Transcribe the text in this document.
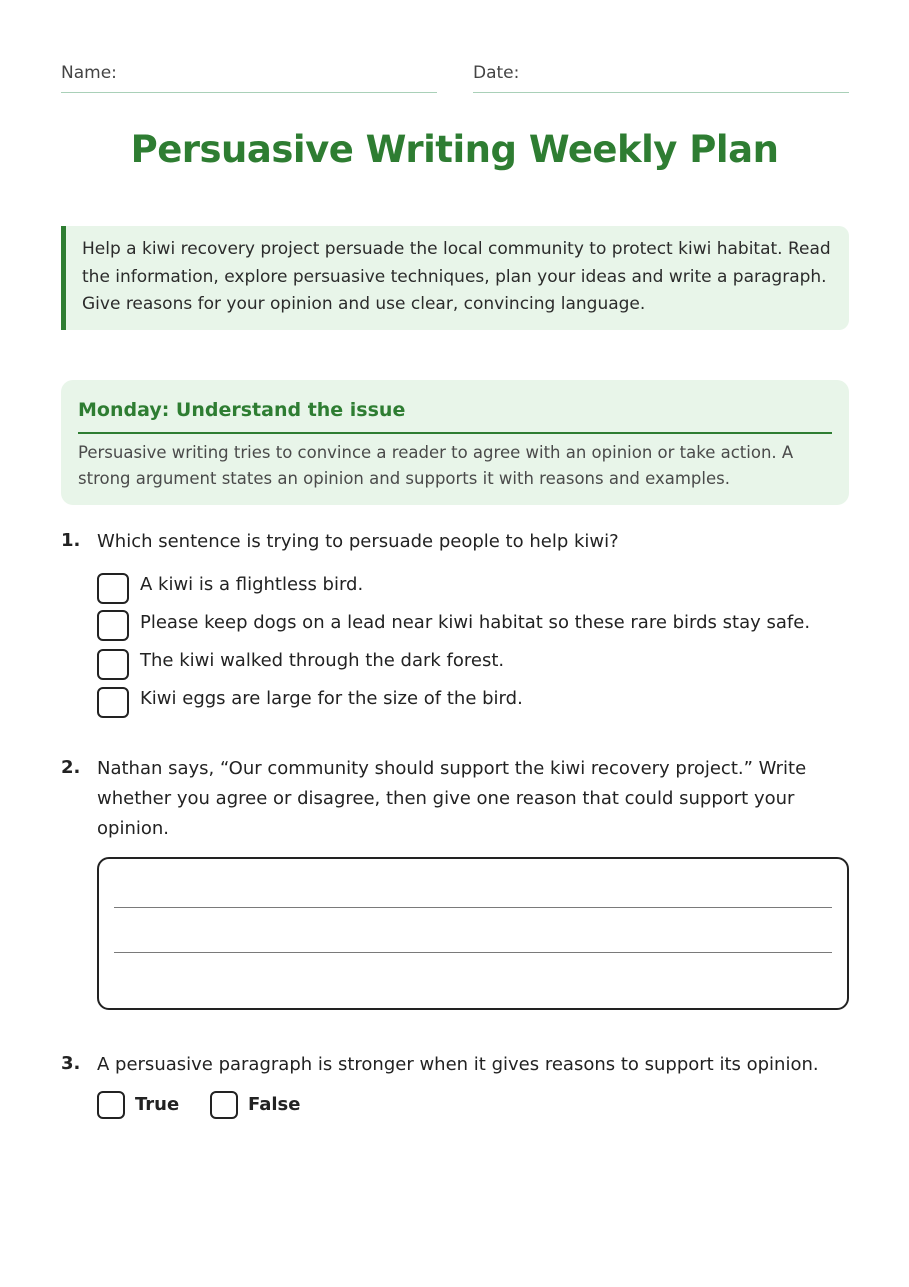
Name:	Date:
Persuasive Writing Weekly Plan
Help a kiwi recovery project persuade the local community to protect kiwi habitat. Read the information, explore persuasive techniques, plan your ideas and write a paragraph. Give reasons for your opinion and use clear, convincing language.
Monday: Understand the issue
Persuasive writing tries to convince a reader to agree with an opinion or take action. A strong argument states an opinion and supports it with reasons and examples.
1. Which sentence is trying to persuade people to help kiwi?
A kiwi is a flightless bird.
Please keep dogs on a lead near kiwi habitat so these rare birds stay safe.
The kiwi walked through the dark forest.
Kiwi eggs are large for the size of the bird.
2. Nathan says, “Our community should support the kiwi recovery project.” Write whether you agree or disagree, then give one reason that could support your opinion.
3. A persuasive paragraph is stronger when it gives reasons to support its opinion.
True	False
